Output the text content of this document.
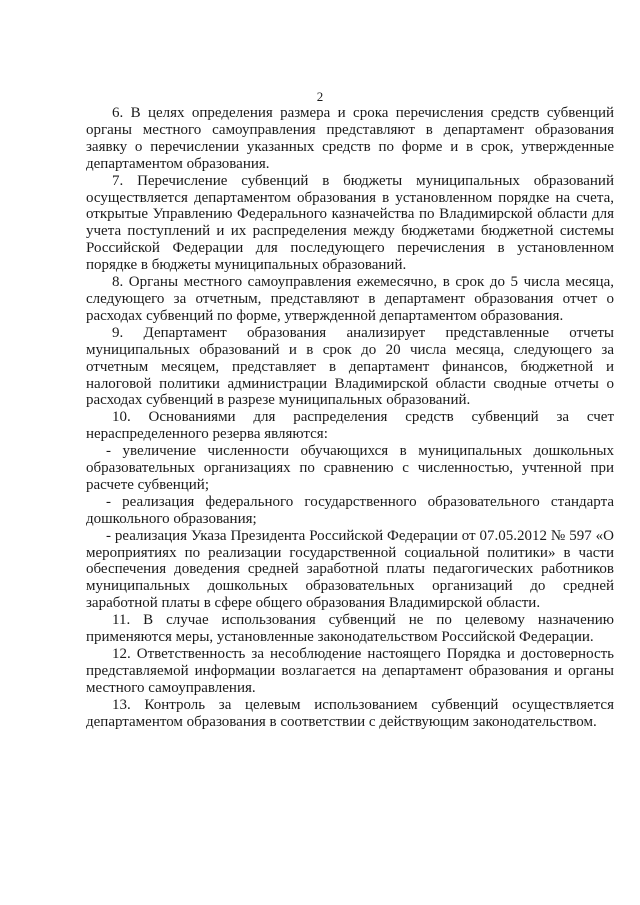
2

6. В целях определения размера и срока перечисления средств субвенций органы местного самоуправления представляют в департамент образования заявку о перечислении указанных средств по форме и в срок, утвержденные департаментом образования.

7. Перечисление субвенций в бюджеты муниципальных образований осуществляется департаментом образования в установленном порядке на счета, открытые Управлению Федерального казначейства по Владимирской области для учета поступлений и их распределения между бюджетами бюджетной системы Российской Федерации для последующего перечисления в установленном порядке в бюджеты муниципальных образований.

8. Органы местного самоуправления ежемесячно, в срок до 5 числа месяца, следующего за отчетным, представляют в департамент образования отчет о расходах субвенций по форме, утвержденной департаментом образования.

9. Департамент образования анализирует представленные отчеты муниципальных образований и в срок до 20 числа месяца, следующего за отчетным месяцем, представляет в департамент финансов, бюджетной и налоговой политики администрации Владимирской области сводные отчеты о расходах субвенций в разрезе муниципальных образований.

10. Основаниями для распределения средств субвенций за счет нераспределенного резерва являются:

- увеличение численности обучающихся в муниципальных дошкольных образовательных организациях по сравнению с численностью, учтенной при расчете субвенций;

- реализация федерального государственного образовательного стандарта дошкольного образования;

- реализация Указа Президента Российской Федерации от 07.05.2012 № 597 «О мероприятиях по реализации государственной социальной политики» в части обеспечения доведения средней заработной платы педагогических работников муниципальных дошкольных образовательных организаций до средней заработной платы в сфере общего образования Владимирской области.

11. В случае использования субвенций не по целевому назначению применяются меры, установленные законодательством Российской Федерации.

12. Ответственность за несоблюдение настоящего Порядка и достоверность представляемой информации возлагается на департамент образования и органы местного самоуправления.

13. Контроль за целевым использованием субвенций осуществляется департаментом образования в соответствии с действующим законодательством.
